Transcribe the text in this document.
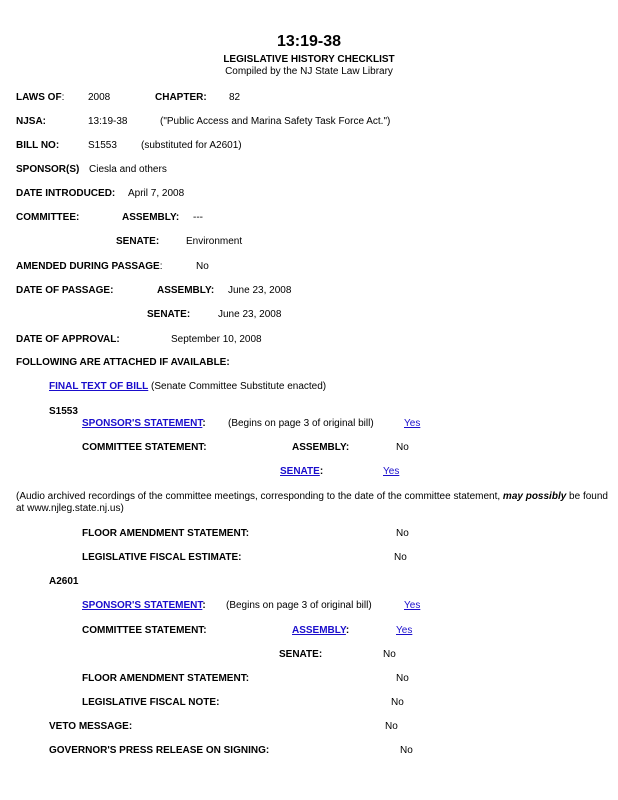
13:19-38
LEGISLATIVE HISTORY CHECKLIST
Compiled by the NJ State Law Library
LAWS OF: 2008	CHAPTER: 82
NJSA:	13:19-38	("Public Access and Marina Safety Task Force Act.")
BILL NO:	S1553 (substituted for A2601)
SPONSOR(S) Ciesla and others
DATE INTRODUCED: April 7, 2008
COMMITTEE:	ASSEMBLY: ---
SENATE:	Environment
AMENDED DURING PASSAGE:	No
DATE OF PASSAGE:	ASSEMBLY: June 23, 2008
SENATE:	June 23, 2008
DATE OF APPROVAL:	September 10, 2008
FOLLOWING ARE ATTACHED IF AVAILABLE:
FINAL TEXT OF BILL (Senate Committee Substitute enacted)
S1553
SPONSOR'S STATEMENT: (Begins on page 3 of original bill)	Yes
COMMITTEE STATEMENT:	ASSEMBLY:	No
SENATE:	Yes
(Audio archived recordings of the committee meetings, corresponding to the date of the committee statement, may possibly be found
at www.njleg.state.nj.us)
FLOOR AMENDMENT STATEMENT:	No
LEGISLATIVE FISCAL ESTIMATE:	No
A2601
SPONSOR'S STATEMENT: (Begins on page 3 of original bill)	Yes
COMMITTEE STATEMENT:	ASSEMBLY:	Yes
SENATE:	No
FLOOR AMENDMENT STATEMENT:	No
LEGISLATIVE FISCAL NOTE:	No
VETO MESSAGE:	No
GOVERNOR'S PRESS RELEASE ON SIGNING:	No
